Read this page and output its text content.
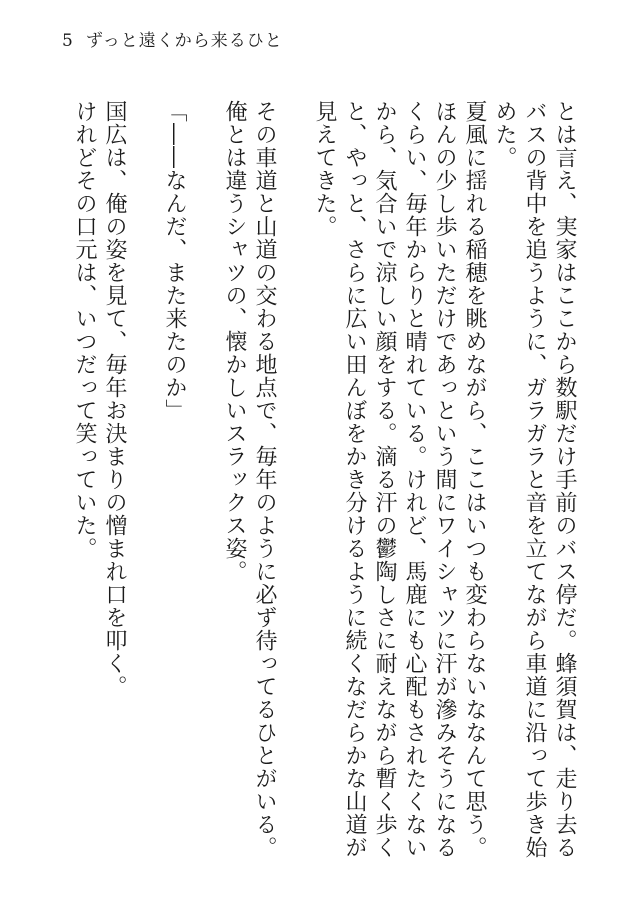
5 ずっと遠くから来るひと

とは言え、実家はここから数駅だけ手前のバス停だ。蜂須賀は、走り去るバスの背中を追うように、ガラガラと音を立てながら車道に沿って歩き始めた。

夏風に揺れる稲穂を眺めながら、ここはいつも変わらないななんて思う。ほんの少し歩いただけであっという間にワイシャツに汗が滲みそうになるくらい、毎年からりと晴れている。けれど、馬鹿にも心配もされたくないから、気合いで涼しい顔をする。滴る汗の鬱陶しさに耐えながら暫く歩くと、やっと、さらに広い田んぼをかき分けるように続くなだらかな山道が見えてきた。

その車道と山道の交わる地点で、毎年のように必ず待ってるひとがいる。

俺とは違うシャツの、懐かしいスラックス姿。

「――なんだ、また来たのか」

国広は、俺の姿を見て、毎年お決まりの憎まれ口を叩く。

けれどその口元は、いつだって笑っていた。
